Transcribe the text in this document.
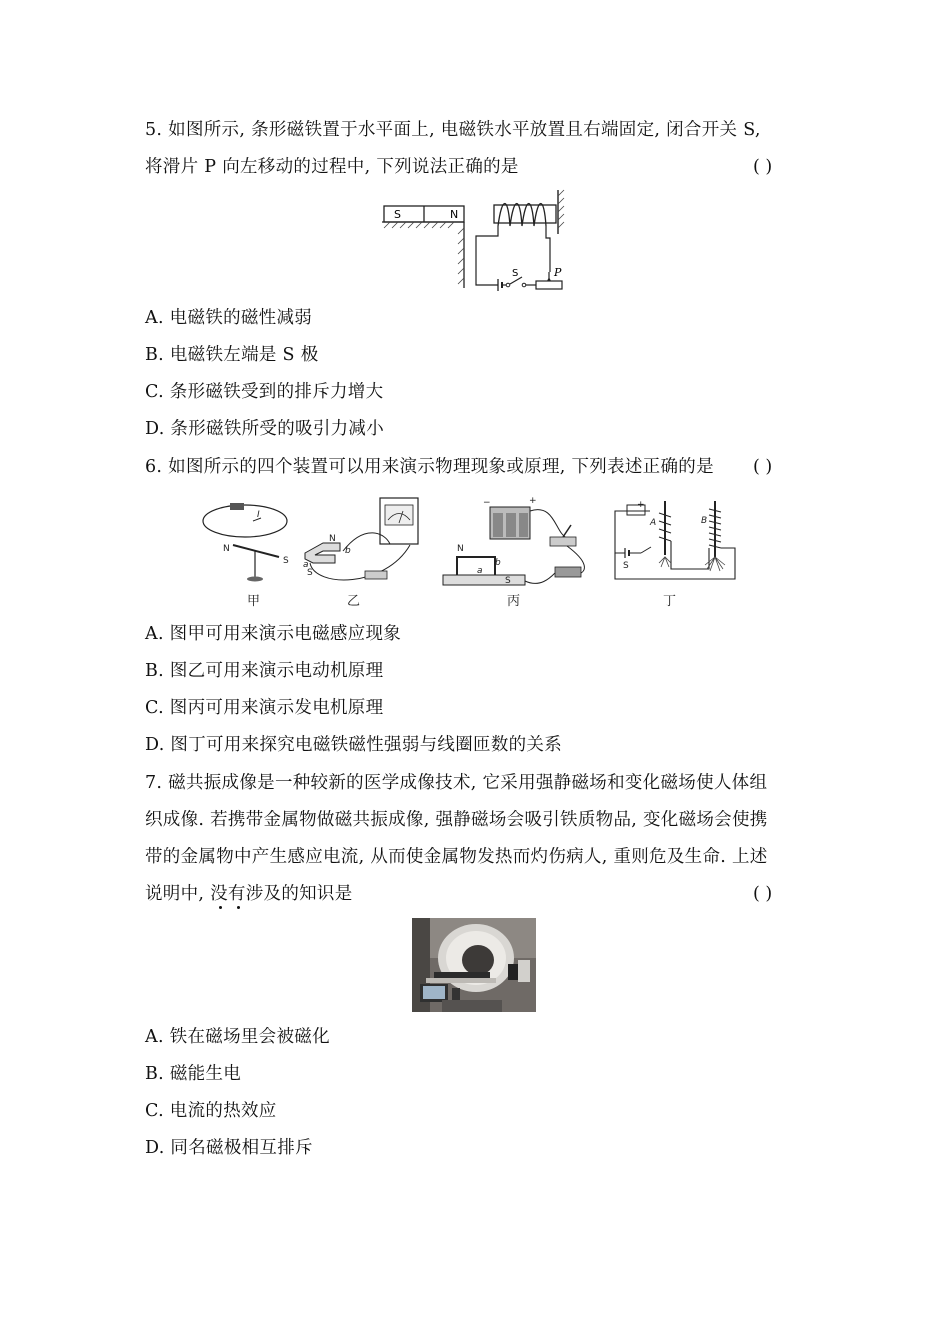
5. 如图所示, 条形磁铁置于水平面上, 电磁铁水平放置且右端固定, 闭合开关 S,
将滑片 P 向左移动的过程中, 下列说法正确的是	( )
S	N
S	P
A. 电磁铁的磁性减弱
B. 电磁铁左端是 S 极
C. 条形磁铁受到的排斥力增大
D. 条形磁铁所受的吸引力减小
6. 如图所示的四个装置可以用来演示物理现象或原理, 下列表述正确的是 ( )
I
N
S
N
S
b
a
−	+
N
S
b
a	S
+
A	B
甲	乙	丙	丁
A. 图甲可用来演示电磁感应现象
B. 图乙可用来演示电动机原理
C. 图丙可用来演示发电机原理
D. 图丁可用来探究电磁铁磁性强弱与线圈匝数的关系
7. 磁共振成像是一种较新的医学成像技术, 它采用强静磁场和变化磁场使人体组
织成像. 若携带金属物做磁共振成像, 强静磁场会吸引铁质物品, 变化磁场会使携
带的金属物中产生感应电流, 从而使金属物发热而灼伤病人, 重则危及生命. 上述
说明中, 没有涉及的知识是	( )
A. 铁在磁场里会被磁化
B. 磁能生电
C. 电流的热效应
D. 同名磁极相互排斥
